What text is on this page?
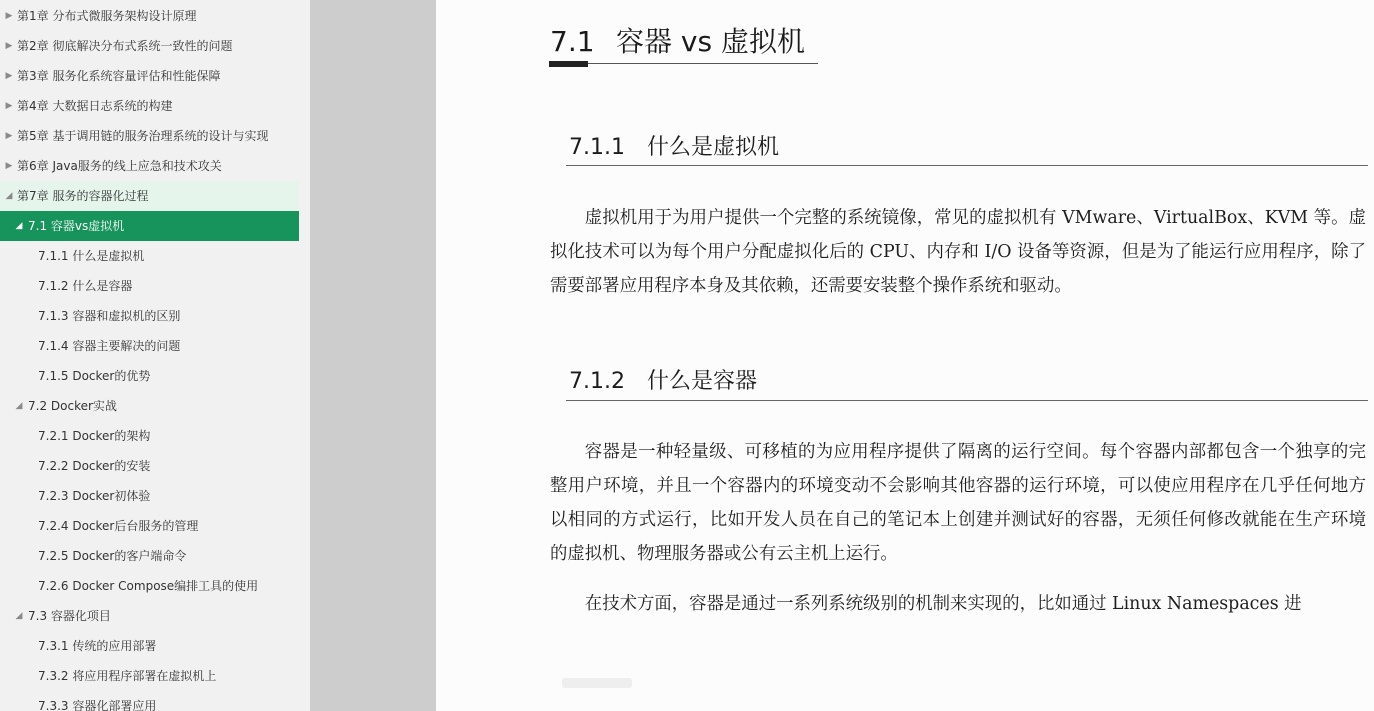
▶ 第1章 分布式微服务架构设计原理
▶ 第2章 彻底解决分布式系统一致性的问题
▶ 第3章 服务化系统容量评估和性能保障
▶ 第4章 大数据日志系统的构建
▶ 第5章 基于调用链的服务治理系统的设计与实现
▶ 第6章 Java服务的线上应急和技术攻关
◢ 第7章 服务的容器化过程
◢ 7.1 容器vs虚拟机
7.1.1 什么是虚拟机
7.1.2 什么是容器
7.1.3 容器和虚拟机的区别
7.1.4 容器主要解决的问题
7.1.5 Docker的优势
◢ 7.2 Docker实战
7.2.1 Docker的架构
7.2.2 Docker的安装
7.2.3 Docker初体验
7.2.4 Docker后台服务的管理
7.2.5 Docker的客户端命令
7.2.6 Docker Compose编排工具的使用
◢ 7.3 容器化项目
7.3.1 传统的应用部署
7.3.2 将应用程序部署在虚拟机上
7.3.3 容器化部署应用
7.1 容器 vs 虚拟机
7.1.1 什么是虚拟机
虚拟机用于为用户提供一个完整的系统镜像，常见的虚拟机有 VMware、VirtualBox、KVM 等。虚拟化技术可以为每个用户分配虚拟化后的 CPU、内存和 I/O 设备等资源，但是为了能运行应用程序，除了需要部署应用程序本身及其依赖，还需要安装整个操作系统和驱动。
7.1.2 什么是容器
容器是一种轻量级、可移植的为应用程序提供了隔离的运行空间。每个容器内部都包含一个独享的完整用户环境，并且一个容器内的环境变动不会影响其他容器的运行环境，可以使应用程序在几乎任何地方以相同的方式运行，比如开发人员在自己的笔记本上创建并测试好的容器，无须任何修改就能在生产环境的虚拟机、物理服务器或公有云主机上运行。
在技术方面，容器是通过一系列系统级别的机制来实现的，比如通过 Linux Namespaces 进
